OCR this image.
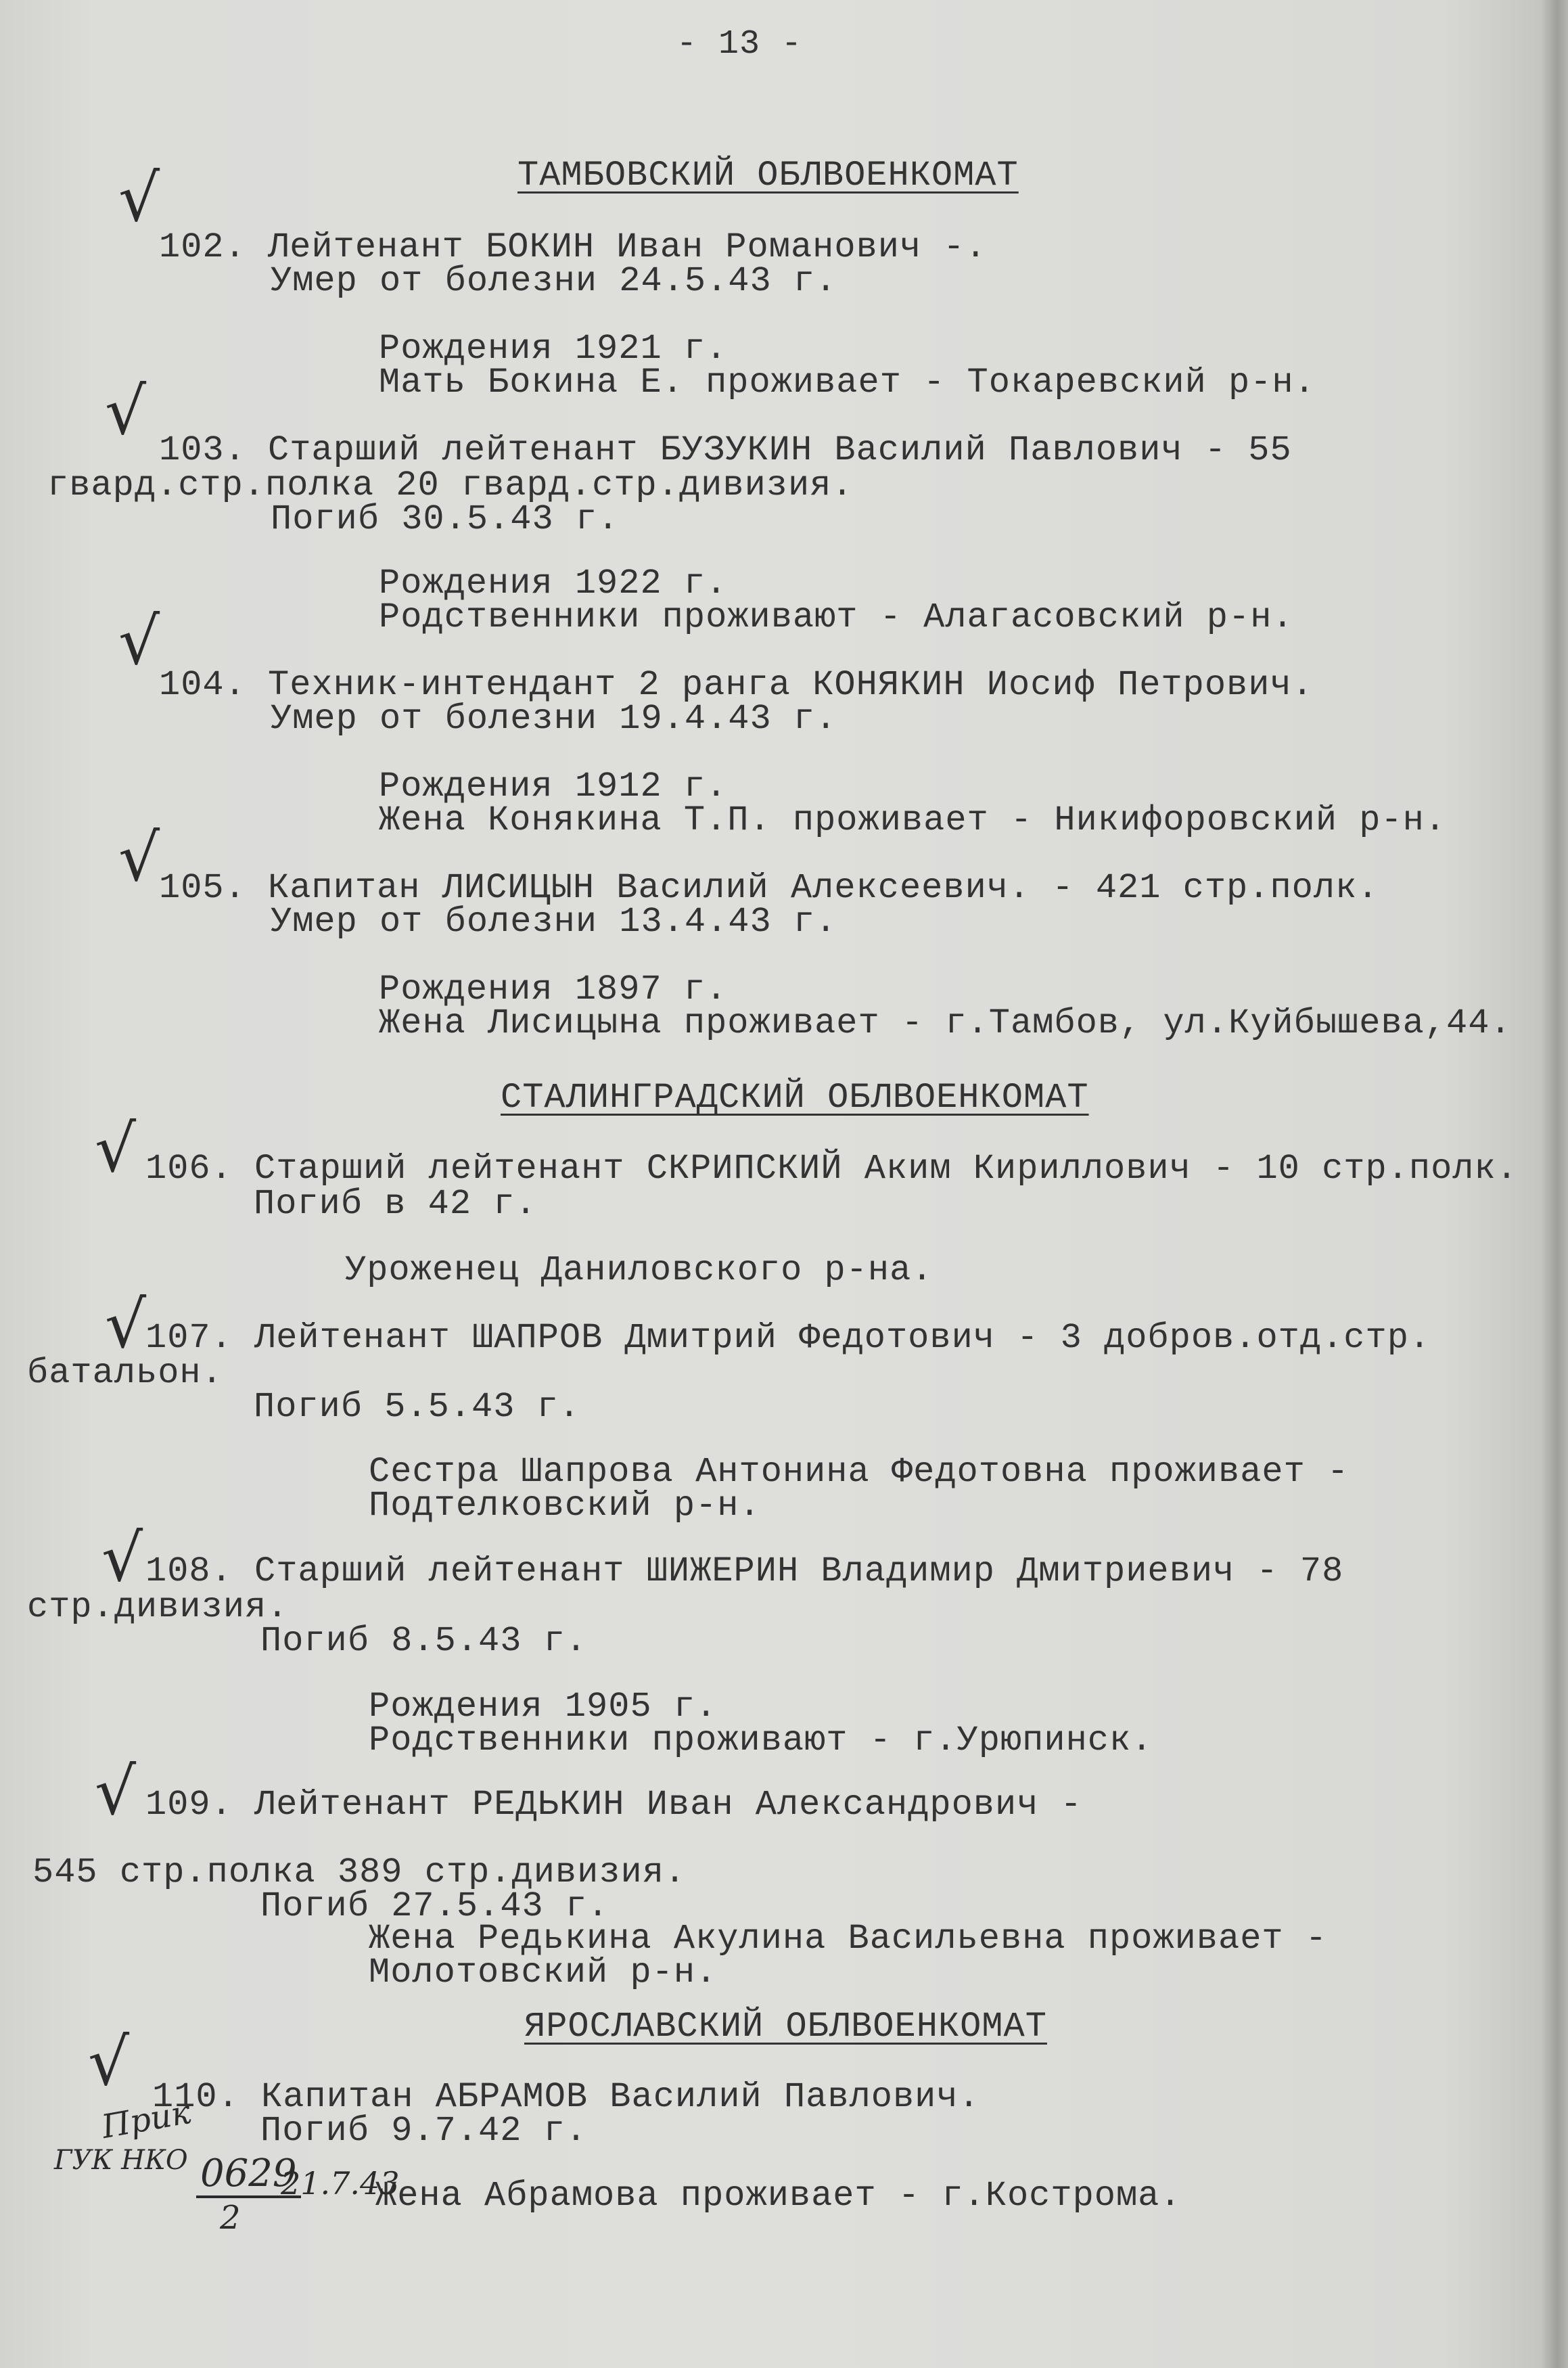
- 13 -
ТАМБОВСКИЙ ОБЛВОЕНКОМАТ
√
102. Лейтенант БОКИН Иван Романович -.
Умер от болезни 24.5.43 г.
Рождения 1921 г.
Мать Бокина Е. проживает - Токаревский р-н.
√
103. Старший лейтенант БУЗУКИН Василий Павлович - 55
гвард.стр.полка 20 гвард.стр.дивизия.
Погиб 30.5.43 г.
Рождения 1922 г.
Родственники проживают - Алагасовский р-н.
√
104. Техник-интендант 2 ранга КОНЯКИН Иосиф Петрович.
Умер от болезни 19.4.43 г.
Рождения 1912 г.
Жена Конякина Т.П. проживает - Никифоровский р-н.
√
105. Капитан ЛИСИЦЫН Василий Алексеевич. - 421 стр.полк.
Умер от болезни 13.4.43 г.
Рождения 1897 г.
Жена Лисицына проживает - г.Тамбов, ул.Куйбышева,44.
СТАЛИНГРАДСКИЙ ОБЛВОЕНКОМАТ
√ 106. Старший лейтенант СКРИПСКИЙ Аким Кириллович - 10 стр.полк.
Погиб в 42 г.
Уроженец Даниловского р-на.
√
107. Лейтенант ШАПРОВ Дмитрий Федотович - 3 добров.отд.стр.
батальон.
Погиб 5.5.43 г.
Сестра Шапрова Антонина Федотовна проживает -
Подтелковский р-н.
√ 108. Старший лейтенант ШИЖЕРИН Владимир Дмитриевич - 78
стр.дивизия.
Погиб 8.5.43 г.
Рождения 1905 г.
Родственники проживают - г.Урюпинск.
√ 109. Лейтенант РЕДЬКИН Иван Александрович -
545 стр.полка 389 стр.дивизия.
Погиб 27.5.43 г.
Жена Редькина Акулина Васильевна проживает -
Молотовский р-н.
ЯРОСЛАВСКИЙ ОБЛВОЕНКОМАТ
√ 110. Капитан АБРАМОВ Василий Павлович.
Погиб 9.7.42 г.
Жена Абрамова проживает - г.Кострома.
Прик
ГУК НКО 0629
2
21.7.43
